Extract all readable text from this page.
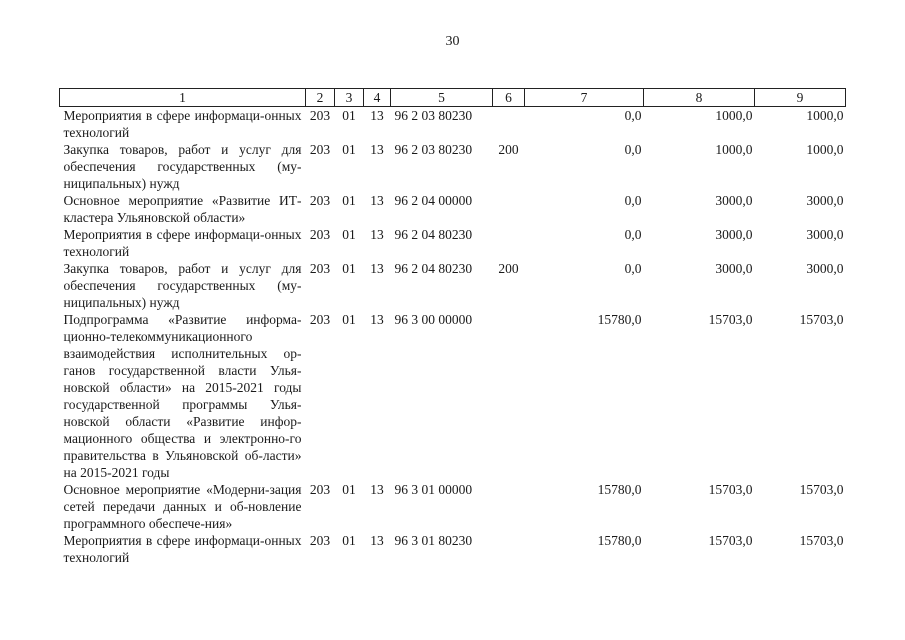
30
1	2	3	4	5	6	7	8	9
Мероприятия в сфере информаци-онных технологий	203	01	13	96 2 03 80230		0,0	1000,0	1000,0
Закупка товаров, работ и услуг для обеспечения государственных (му-ниципальных) нужд	203	01	13	96 2 03 80230	200	0,0	1000,0	1000,0
Основное мероприятие «Развитие ИТ-кластера Ульяновской области»	203	01	13	96 2 04 00000		0,0	3000,0	3000,0
Мероприятия в сфере информаци-онных технологий	203	01	13	96 2 04 80230		0,0	3000,0	3000,0
Закупка товаров, работ и услуг для обеспечения государственных (му-ниципальных) нужд	203	01	13	96 2 04 80230	200	0,0	3000,0	3000,0
Подпрограмма «Развитие информа-ционно-телекоммуникационного взаимодействия исполнительных ор-ганов государственной власти Улья-новской области» на 2015-2021 годы государственной программы Улья-новской области «Развитие инфор-мационного общества и электронно-го правительства в Ульяновской об-ласти» на 2015-2021 годы	203	01	13	96 3 00 00000		15780,0	15703,0	15703,0
Основное мероприятие «Модерни-зация сетей передачи данных и об-новление программного обеспече-ния»	203	01	13	96 3 01 00000		15780,0	15703,0	15703,0
Мероприятия в сфере информаци-онных технологий	203	01	13	96 3 01 80230		15780,0	15703,0	15703,0
